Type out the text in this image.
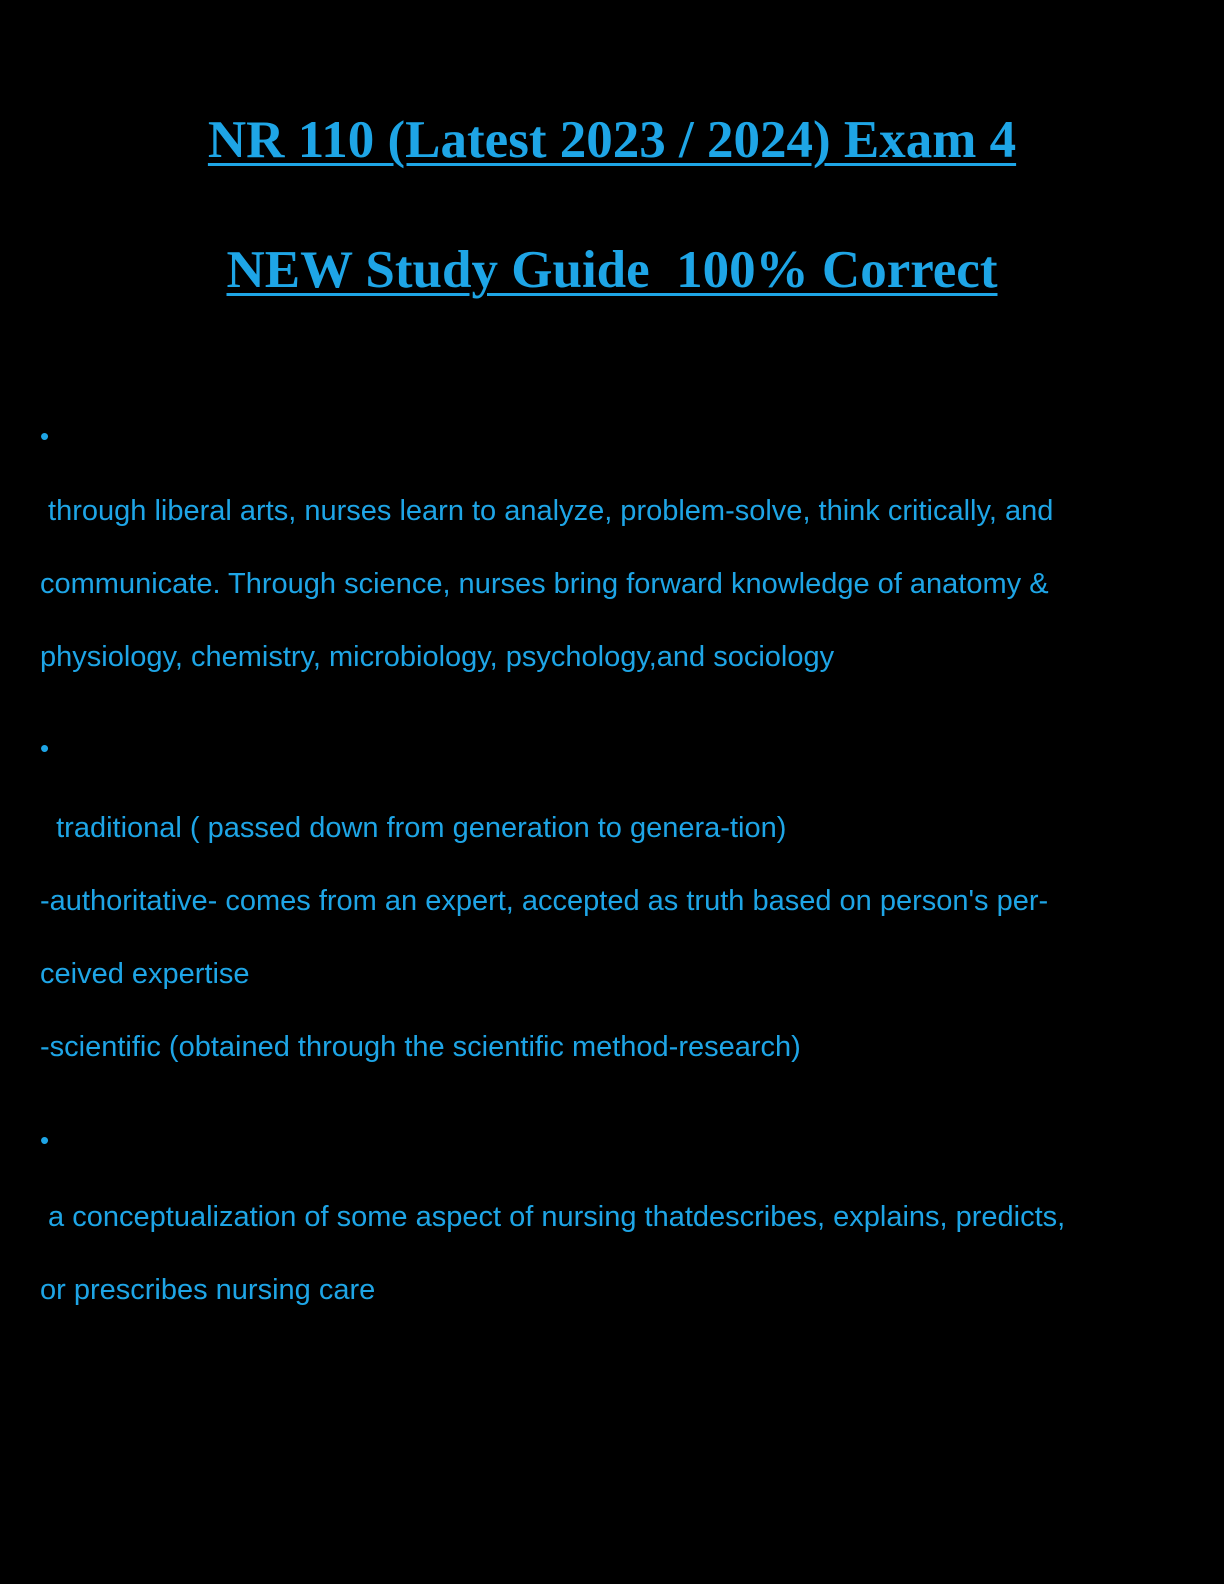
NR 110 (Latest 2023 / 2024) Exam 4
NEW Study Guide  100% Correct
•
through liberal arts, nurses learn to analyze, problem-solve, think critically, and
communicate. Through science, nurses bring forward knowledge of anatomy &
physiology, chemistry, microbiology, psychology,and sociology
•
traditional ( passed down from generation to genera-tion)
-authoritative- comes from an expert, accepted as truth based on person's per-
ceived expertise
-scientific (obtained through the scientific method-research)
•
a conceptualization of some aspect of nursing thatdescribes, explains, predicts,
or prescribes nursing care
